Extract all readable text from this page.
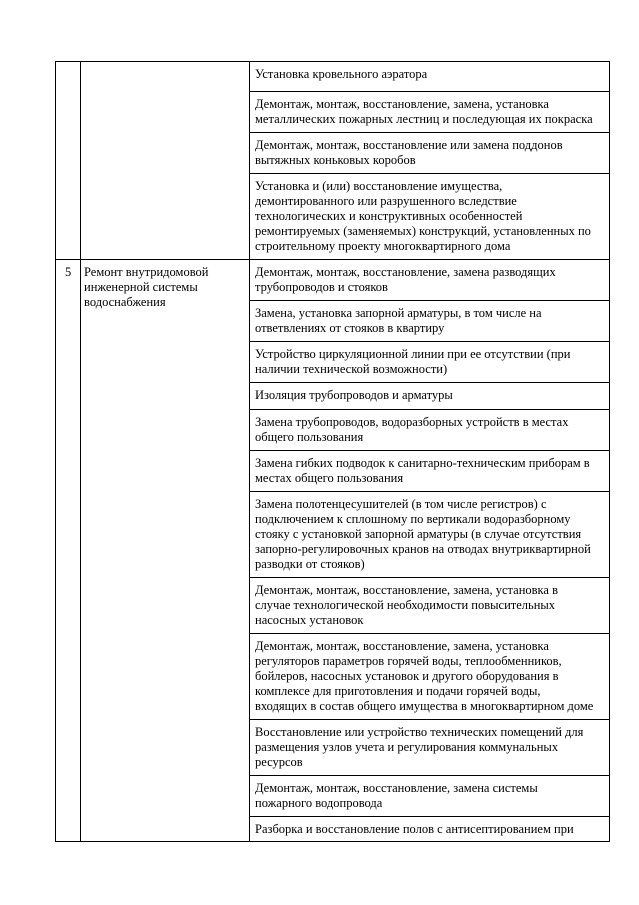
		Установка кровельного аэратора

		Демонтаж, монтаж, восстановление, замена, установка
металлических пожарных лестниц и последующая их покраска

		Демонтаж, монтаж, восстановление или замена поддонов
вытяжных коньковых коробов

		Установка и (или) восстановление имущества,
демонтированного или разрушенного вследствие
технологических и конструктивных особенностей
ремонтируемых (заменяемых) конструкций, установленных по
строительному проекту многоквартирного дома

5	Ремонт внутридомовой
инженерной системы
водоснабжения	Демонтаж, монтаж, восстановление, замена разводящих
трубопроводов и стояков

		Замена, установка запорной арматуры, в том числе на
ответвлениях от стояков в квартиру

		Устройство циркуляционной линии при ее отсутствии (при
наличии технической возможности)

		Изоляция трубопроводов и арматуры

		Замена трубопроводов, водоразборных устройств в местах
общего пользования

		Замена гибких подводок к санитарно-техническим приборам в
местах общего пользования

		Замена полотенцесушителей (в том числе регистров) с
подключением к сплошному по вертикали водоразборному
стояку с установкой запорной арматуры (в случае отсутствия
запорно-регулировочных кранов на отводах внутриквартирной
разводки от стояков)

		Демонтаж, монтаж, восстановление, замена, установка в
случае технологической необходимости повысительных
насосных установок

		Демонтаж, монтаж, восстановление, замена, установка
регуляторов параметров горячей воды, теплообменников,
бойлеров, насосных установок и другого оборудования в
комплексе для приготовления и подачи горячей воды,
входящих в состав общего имущества в многоквартирном доме

		Восстановление или устройство технических помещений для
размещения узлов учета и регулирования коммунальных
ресурсов

		Демонтаж, монтаж, восстановление, замена системы
пожарного водопровода

		Разборка и восстановление полов с антисептированием при
